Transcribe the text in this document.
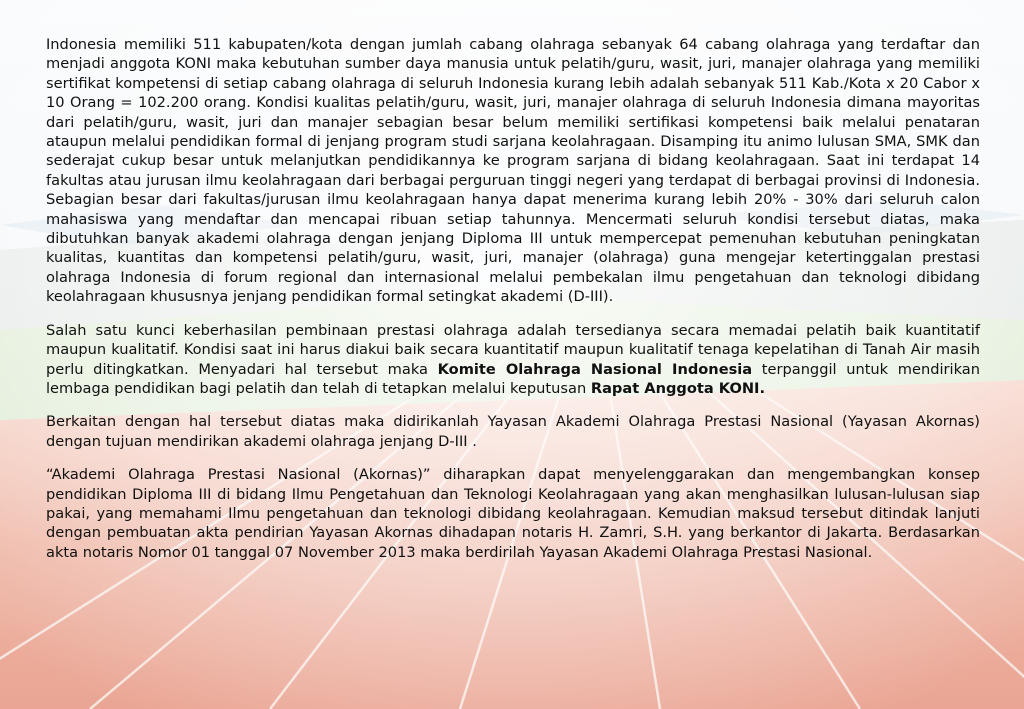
Indonesia memiliki 511 kabupaten/kota dengan jumlah cabang olahraga sebanyak 64 cabang olahraga yang terdaftar dan menjadi anggota KONI maka kebutuhan sumber daya manusia untuk pelatih/guru, wasit, juri, manajer olahraga yang memiliki sertifikat kompetensi di setiap cabang olahraga di seluruh Indonesia kurang lebih adalah sebanyak 511 Kab./Kota x 20 Cabor x 10 Orang = 102.200 orang. Kondisi kualitas pelatih/guru, wasit, juri, manajer olahraga di seluruh Indonesia dimana mayoritas dari pelatih/guru, wasit, juri dan manajer sebagian besar belum memiliki sertifikasi kompetensi baik melalui penataran ataupun melalui pendidikan formal di jenjang program studi sarjana keolahragaan. Disamping itu animo lulusan SMA, SMK dan sederajat cukup besar untuk melanjutkan pendidikannya ke program sarjana di bidang keolahragaan. Saat ini terdapat 14 fakultas atau jurusan ilmu keolahragaan dari berbagai perguruan tinggi negeri yang terdapat di berbagai provinsi di Indonesia. Sebagian besar dari fakultas/jurusan ilmu keolahragaan hanya dapat menerima kurang lebih 20% - 30% dari seluruh calon mahasiswa yang mendaftar dan mencapai ribuan setiap tahunnya. Mencermati seluruh kondisi tersebut diatas, maka dibutuhkan banyak akademi olahraga dengan jenjang Diploma III untuk mempercepat pemenuhan kebutuhan peningkatan kualitas, kuantitas dan kompetensi pelatih/guru, wasit, juri, manajer (olahraga) guna mengejar ketertinggalan prestasi olahraga Indonesia di forum regional dan internasional melalui pembekalan ilmu pengetahuan dan teknologi dibidang keolahragaan khususnya jenjang pendidikan formal setingkat akademi (D-III).

Salah satu kunci keberhasilan pembinaan prestasi olahraga adalah tersedianya secara memadai pelatih baik kuantitatif maupun kualitatif. Kondisi saat ini harus diakui baik secara kuantitatif maupun kualitatif tenaga kepelatihan di Tanah Air masih perlu ditingkatkan. Menyadari hal tersebut maka Komite Olahraga Nasional Indonesia terpanggil untuk mendirikan lembaga pendidikan bagi pelatih dan telah di tetapkan melalui keputusan Rapat Anggota KONI.

Berkaitan dengan hal tersebut diatas maka didirikanlah Yayasan Akademi Olahraga Prestasi Nasional (Yayasan Akornas) dengan tujuan mendirikan akademi olahraga jenjang D-III .

“Akademi Olahraga Prestasi Nasional (Akornas)” diharapkan dapat menyelenggarakan dan mengembangkan konsep pendidikan Diploma III di bidang Ilmu Pengetahuan dan Teknologi Keolahragaan yang akan menghasilkan lulusan-lulusan siap pakai, yang memahami Ilmu pengetahuan dan teknologi dibidang keolahragaan. Kemudian maksud tersebut ditindak lanjuti dengan pembuatan akta pendirian Yayasan Akornas dihadapan notaris H. Zamri, S.H. yang berkantor di Jakarta. Berdasarkan akta notaris Nomor 01 tanggal 07 November 2013 maka berdirilah Yayasan Akademi Olahraga Prestasi Nasional.
